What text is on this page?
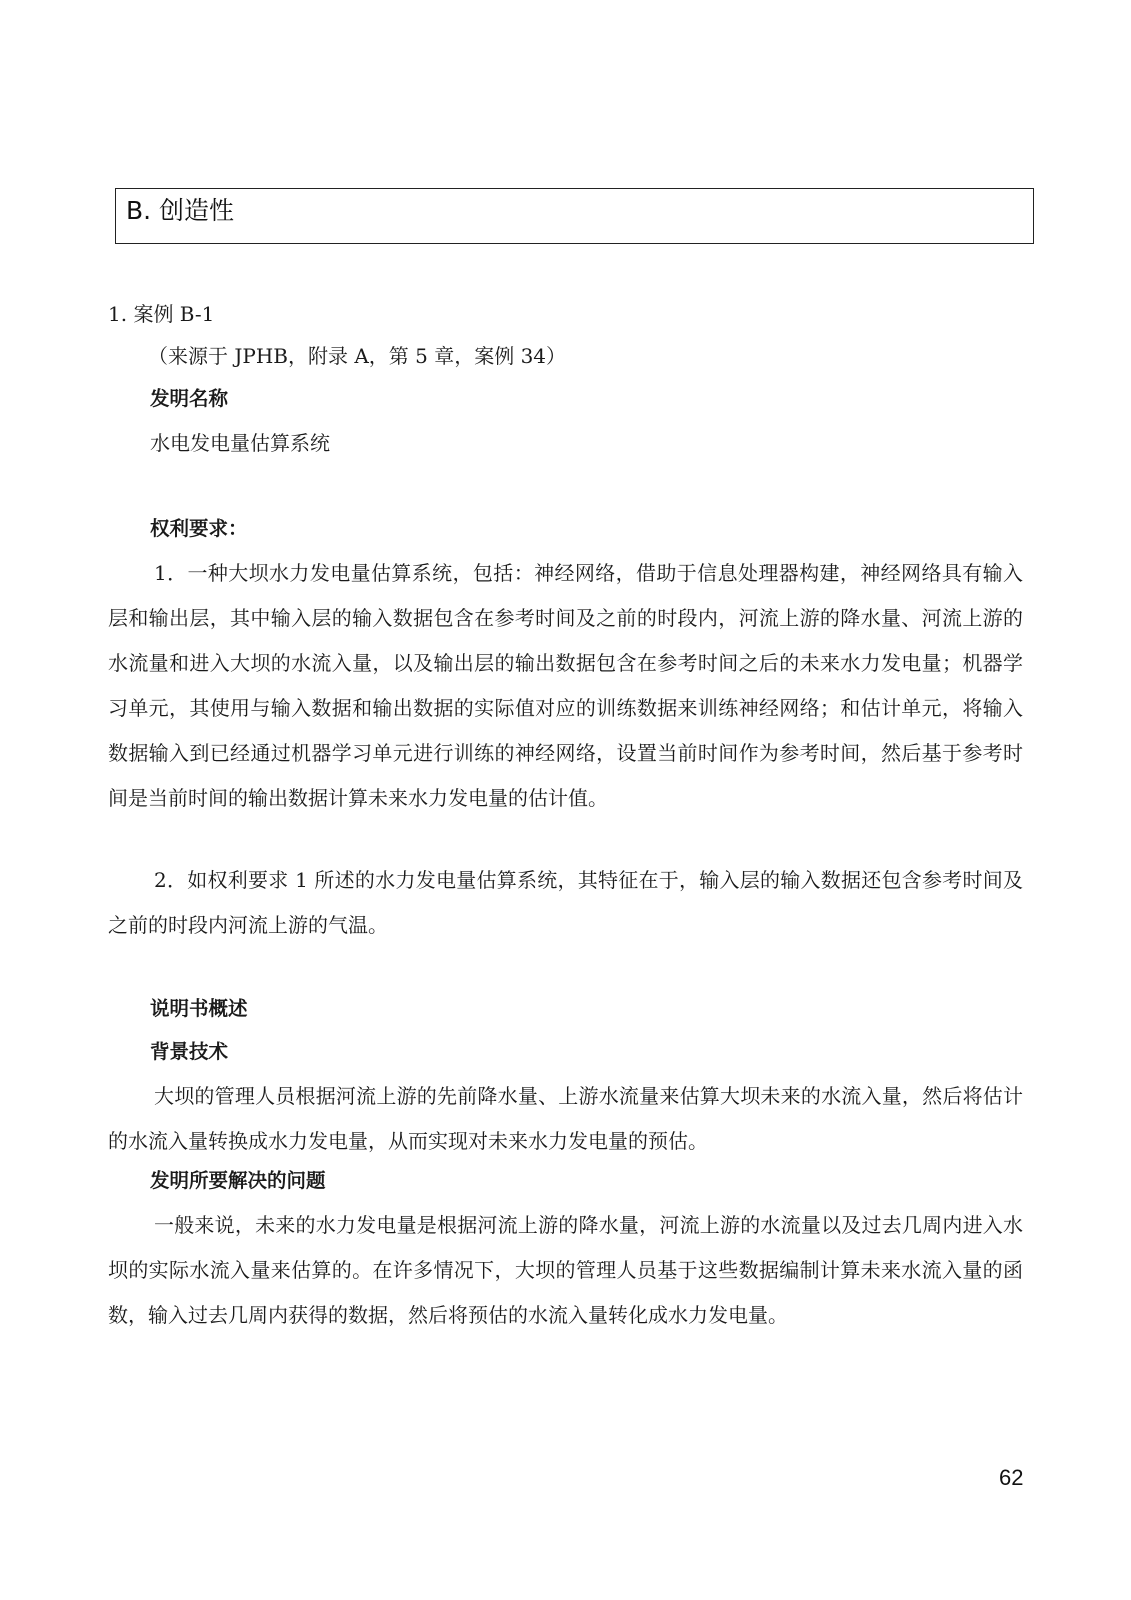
B. 创造性
1. 案例 B-1
（来源于 JPHB，附录 A，第 5 章，案例 34）
发明名称
水电发电量估算系统
权利要求：
1．一种大坝水力发电量估算系统，包括：神经网络，借助于信息处理器构建，神经网络具有输入层和输出层，其中输入层的输入数据包含在参考时间及之前的时段内，河流上游的降水量、河流上游的水流量和进入大坝的水流入量，以及输出层的输出数据包含在参考时间之后的未来水力发电量；机器学习单元，其使用与输入数据和输出数据的实际值对应的训练数据来训练神经网络；和估计单元，将输入数据输入到已经通过机器学习单元进行训练的神经网络，设置当前时间作为参考时间，然后基于参考时间是当前时间的输出数据计算未来水力发电量的估计值。
2．如权利要求 1 所述的水力发电量估算系统，其特征在于，输入层的输入数据还包含参考时间及之前的时段内河流上游的气温。
说明书概述
背景技术
大坝的管理人员根据河流上游的先前降水量、上游水流量来估算大坝未来的水流入量，然后将估计的水流入量转换成水力发电量，从而实现对未来水力发电量的预估。
发明所要解决的问题
一般来说，未来的水力发电量是根据河流上游的降水量，河流上游的水流量以及过去几周内进入水坝的实际水流入量来估算的。在许多情况下，大坝的管理人员基于这些数据编制计算未来水流入量的函数，输入过去几周内获得的数据，然后将预估的水流入量转化成水力发电量。
62
